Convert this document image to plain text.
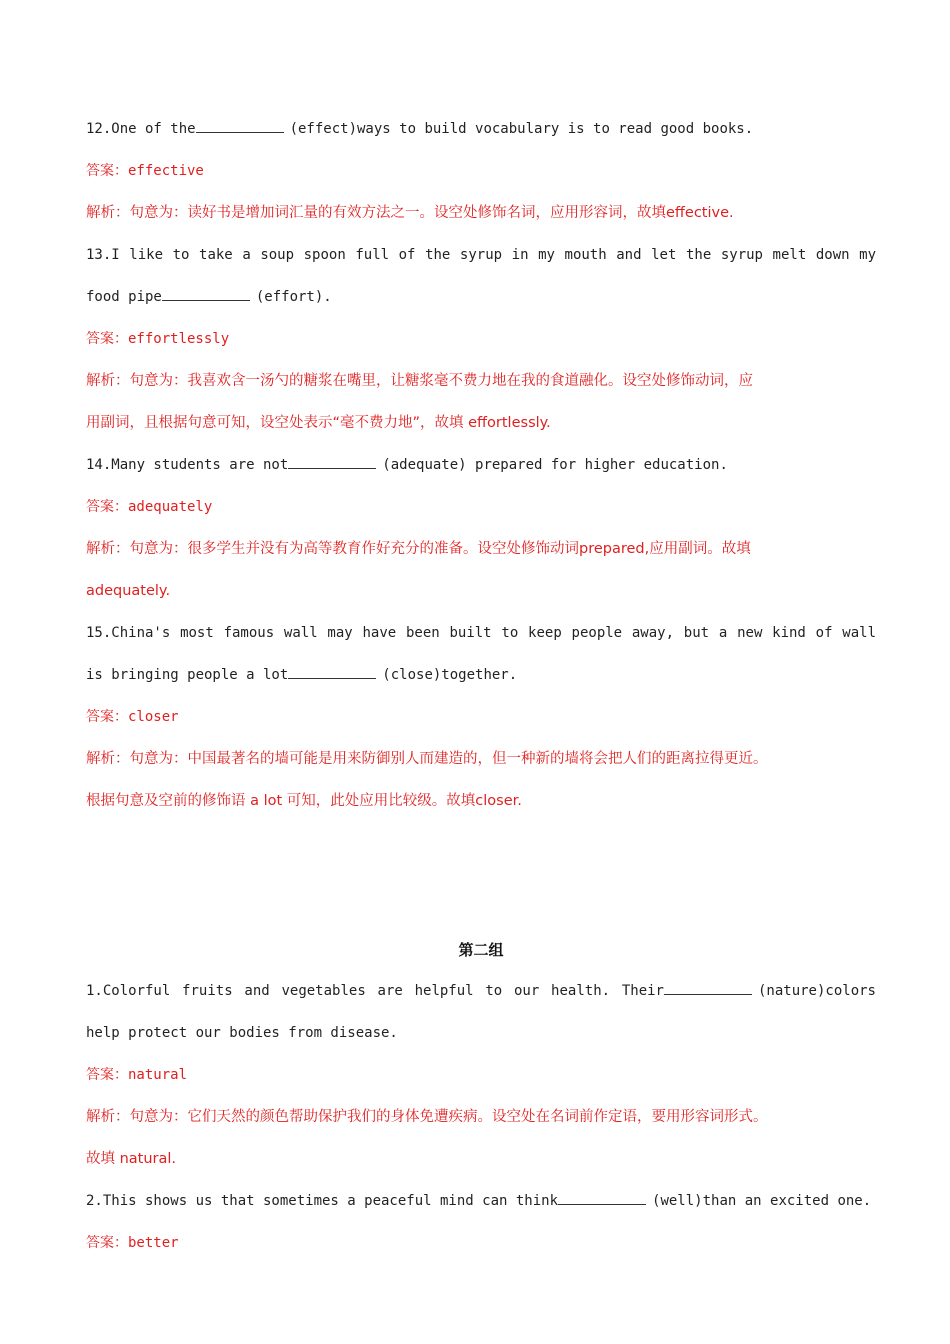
12.One of the	(effect)ways to build vocabulary is to read good books.
答案：effective
解析：句意为：读好书是增加词汇量的有效方法之一。设空处修饰名词，应用形容词，故填effective.
13.I like to take a soup spoon full of the syrup in my mouth and let the syrup melt down my food pipe	(effort).
答案：effortlessly
解析：句意为：我喜欢含一汤勺的糖浆在嘴里，让糖浆毫不费力地在我的食道融化。设空处修饰动词，应
用副词，且根据句意可知，设空处表示“毫不费力地”，故填 effortlessly.
14.Many students are not	(adequate) prepared for higher education.
答案：adequately
解析：句意为：很多学生并没有为高等教育作好充分的准备。设空处修饰动词prepared,应用副词。故填
adequately.
15.China's most famous wall may have been built to keep people away, but a new kind of wall is bringing people a lot	(close)together.
答案：closer
解析：句意为：中国最著名的墙可能是用来防御别人而建造的，但一种新的墙将会把人们的距离拉得更近。
根据句意及空前的修饰语 a lot 可知，此处应用比较级。故填closer.
第二组
1.Colorful fruits and vegetables are helpful to our health. Their	(nature)colors help protect our bodies from disease.
答案：natural
解析：句意为：它们天然的颜色帮助保护我们的身体免遭疾病。设空处在名词前作定语，要用形容词形式。
故填 natural.
2.This shows us that sometimes a peaceful mind can think	(well)than an excited one.
答案：better
